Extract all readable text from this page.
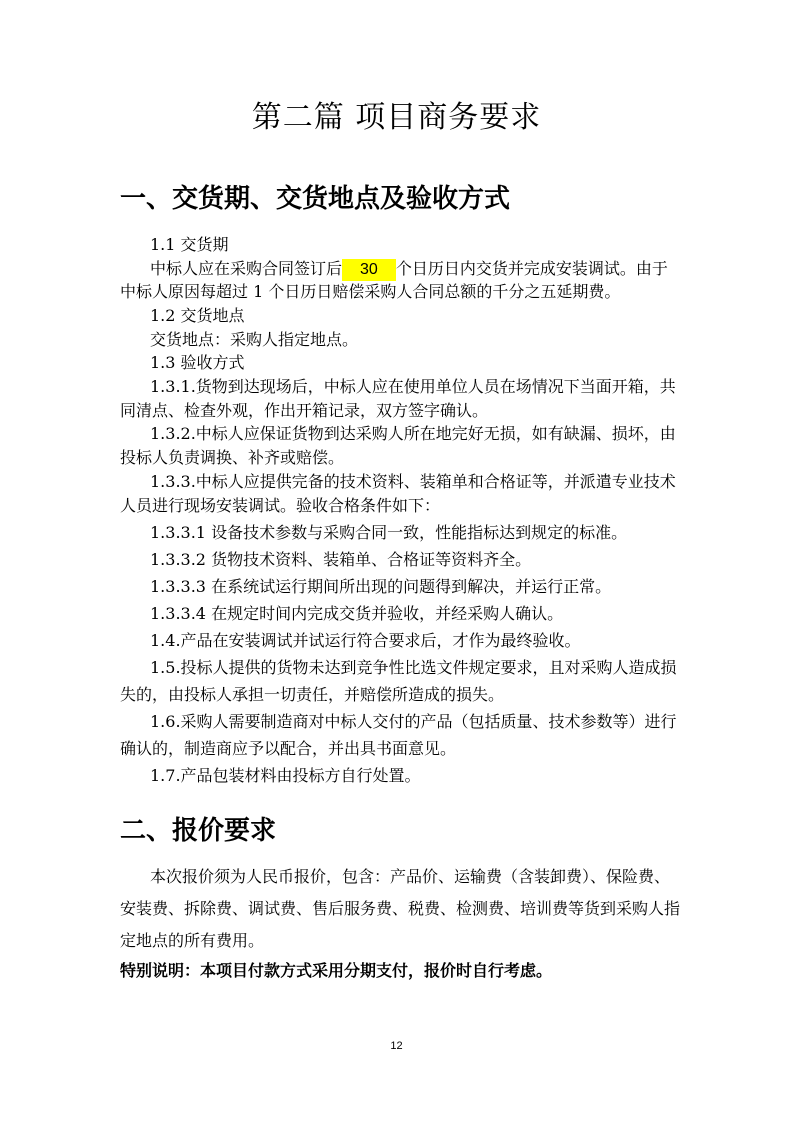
第二篇 项目商务要求
一、交货期、交货地点及验收方式
1.1 交货期
中标人应在采购合同签订后 30 个日历日内交货并完成安装调试。由于
中标人原因每超过 1 个日历日赔偿采购人合同总额的千分之五延期费。
1.2 交货地点
交货地点：采购人指定地点。
1.3 验收方式
1.3.1.货物到达现场后，中标人应在使用单位人员在场情况下当面开箱，共
同清点、检查外观，作出开箱记录，双方签字确认。
1.3.2.中标人应保证货物到达采购人所在地完好无损，如有缺漏、损坏，由
投标人负责调换、补齐或赔偿。
1.3.3.中标人应提供完备的技术资料、装箱单和合格证等，并派遣专业技术
人员进行现场安装调试。验收合格条件如下：
1.3.3.1 设备技术参数与采购合同一致，性能指标达到规定的标准。
1.3.3.2 货物技术资料、装箱单、合格证等资料齐全。
1.3.3.3 在系统试运行期间所出现的问题得到解决，并运行正常。
1.3.3.4 在规定时间内完成交货并验收，并经采购人确认。
1.4.产品在安装调试并试运行符合要求后，才作为最终验收。
1.5.投标人提供的货物未达到竞争性比选文件规定要求，且对采购人造成损
失的，由投标人承担一切责任，并赔偿所造成的损失。
1.6.采购人需要制造商对中标人交付的产品（包括质量、技术参数等）进行
确认的，制造商应予以配合，并出具书面意见。
1.7.产品包装材料由投标方自行处置。
二、报价要求
本次报价须为人民币报价，包含：产品价、运输费（含装卸费）、保险费、
安装费、拆除费、调试费、售后服务费、税费、检测费、培训费等货到采购人指
定地点的所有费用。
特别说明：本项目付款方式采用分期支付，报价时自行考虑。
12
